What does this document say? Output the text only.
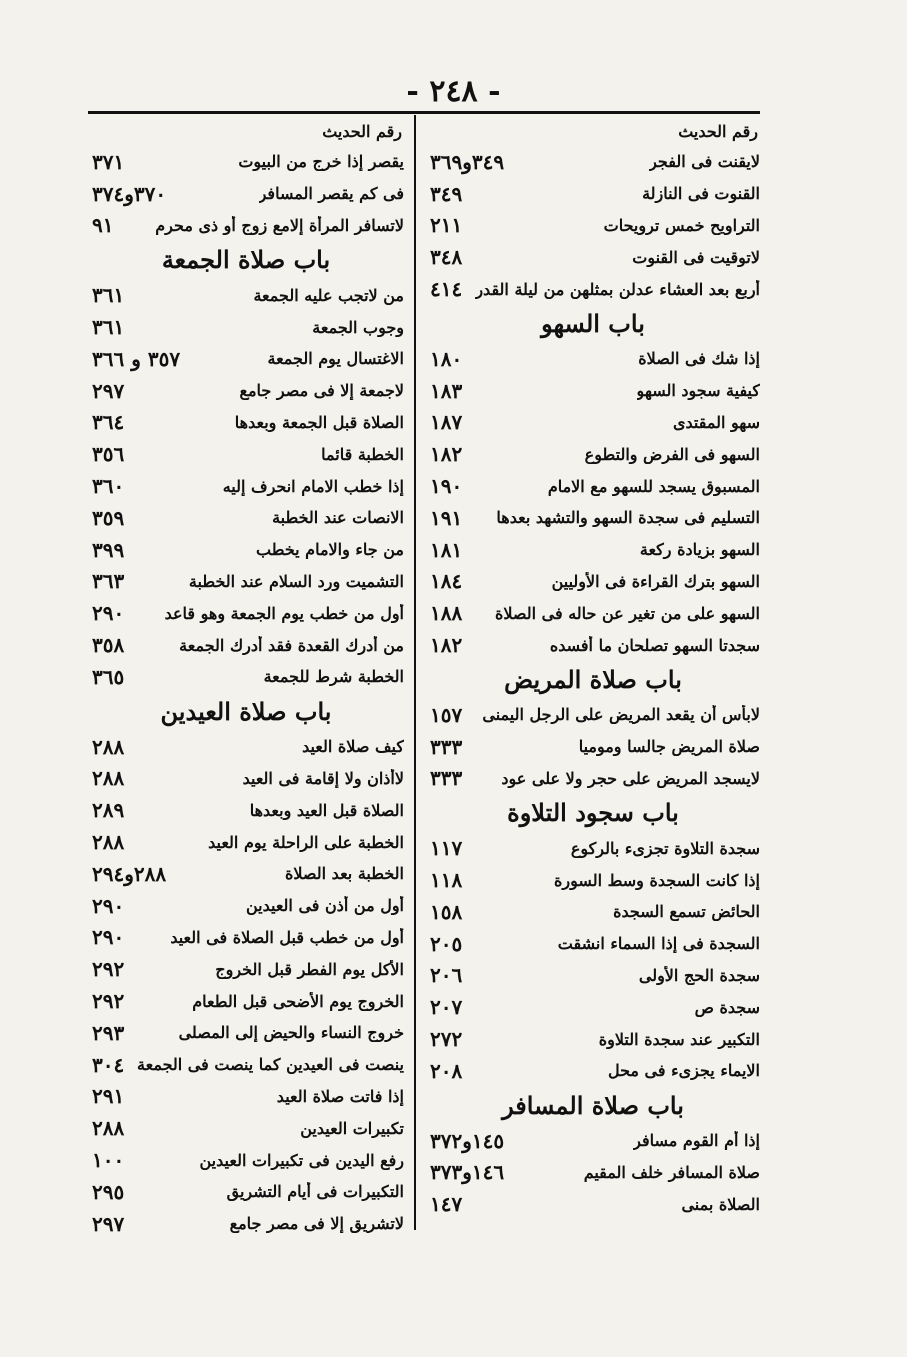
- ٢٤٨ -
رقم الحديث
لايقنت فى الفجر
٣٤٩و٣٦٩
القنوت فى النازلة
٣٤٩
التراويح خمس ترويحات
٢١١
لاتوقيت فى القنوت
٣٤٨
أربع بعد العشاء عدلن بمثلهن من ليلة القدر
٤١٤
باب السهو
إذا شك فى الصلاة
١٨٠
كيفية سجود السهو
١٨٣
سهو المقتدى
١٨٧
السهو فى الفرض والتطوع
١٨٢
المسبوق يسجد للسهو مع الامام
١٩٠
التسليم فى سجدة السهو والتشهد بعدها
١٩١
السهو بزيادة ركعة
١٨١
السهو بترك القراءة فى الأوليين
١٨٤
السهو على من تغير عن حاله فى الصلاة
١٨٨
سجدتا السهو تصلحان ما أفسده
١٨٢
باب صلاة المريض
لابأس أن يقعد المريض على الرجل اليمنى
١٥٧
صلاة المريض جالسا وموميا
٣٣٣
لايسجد المريض على حجر ولا على عود
٣٣٣
باب سجود التلاوة
سجدة التلاوة تجزىء بالركوع
١١٧
إذا كانت السجدة وسط السورة
١١٨
الحائض تسمع السجدة
١٥٨
السجدة فى إذا السماء انشقت
٢٠٥
سجدة الحج الأولى
٢٠٦
سجدة ص
٢٠٧
التكبير عند سجدة التلاوة
٢٧٢
الايماء يجزىء فى محل
٢٠٨
باب صلاة المسافر
إذا أم القوم مسافر
١٤٥و٣٧٢
صلاة المسافر خلف المقيم
١٤٦و٣٧٣
الصلاة بمنى
١٤٧
رقم الحديث
يقصر إذا خرج من البيوت
٣٧١
فى كم يقصر المسافر
٣٧٠و٣٧٤
لاتسافر المرأة إلامع زوج أو ذى محرم
٩١
باب صلاة الجمعة
من لاتجب عليه الجمعة
٣٦١
وجوب الجمعة
٣٦١
الاغتسال يوم الجمعة
٣٥٧ و ٣٦٦
لاجمعة إلا فى مصر جامع
٢٩٧
الصلاة قبل الجمعة وبعدها
٣٦٤
الخطبة قائما
٣٥٦
إذا خطب الامام انحرف إليه
٣٦٠
الانصات عند الخطبة
٣٥٩
من جاء والامام يخطب
٣٩٩
التشميت ورد السلام عند الخطبة
٣٦٣
أول من خطب يوم الجمعة وهو قاعد
٢٩٠
من أدرك القعدة فقد أدرك الجمعة
٣٥٨
الخطبة شرط للجمعة
٣٦٥
باب صلاة العيدين
كيف صلاة العيد
٢٨٨
لاأذان ولا إقامة فى العيد
٢٨٨
الصلاة قبل العيد وبعدها
٢٨٩
الخطبة على الراحلة يوم العيد
٢٨٨
الخطبة بعد الصلاة
٢٨٨و٢٩٤
أول من أذن فى العيدين
٢٩٠
أول من خطب قبل الصلاة فى العيد
٢٩٠
الأكل يوم الفطر قبل الخروج
٢٩٢
الخروج يوم الأضحى قبل الطعام
٢٩٢
خروج النساء والحيض إلى المصلى
٢٩٣
ينصت فى العيدين كما ينصت فى الجمعة
٣٠٤
إذا فاتت صلاة العيد
٢٩١
تكبيرات العيدين
٢٨٨
رفع اليدين فى تكبيرات العيدين
١٠٠
التكبيرات فى أيام التشريق
٢٩٥
لاتشريق إلا فى مصر جامع
٢٩٧
